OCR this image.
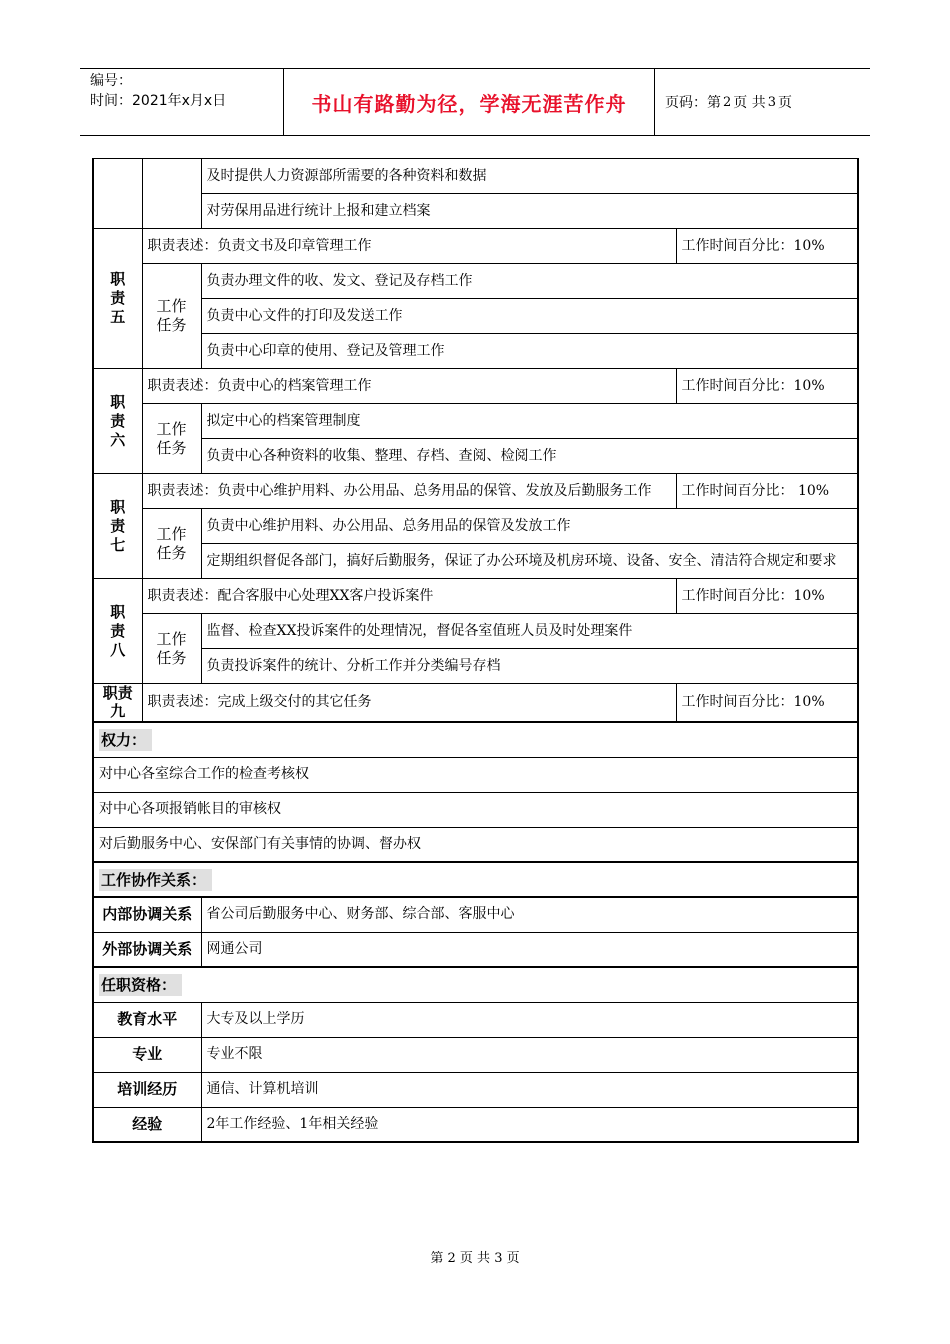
编号：
时间：2021年x月x日	书山有路勤为径，学海无涯苦作舟	页码：第 2 页 共 3 页
		及时提供人力资源部所需要的各种资料和数据	
		对劳保用品进行统计上报和建立档案	
职责五	职责表述：负责文书及印章管理工作		工作时间百分比：10%
	工作任务	负责办理文件的收、发文、登记及存档工作	
		负责中心文件的打印及发送工作	
		负责中心印章的使用、登记及管理工作	
职责六	职责表述：负责中心的档案管理工作		工作时间百分比：10%
	工作任务	拟定中心的档案管理制度	
		负责中心各种资料的收集、整理、存档、查阅、检阅工作	
职责七	职责表述：负责中心维护用料、办公用品、总务用品的保管、发放及后勤服务工作		工作时间百分比： 10%
	工作任务	负责中心维护用料、办公用品、总务用品的保管及发放工作	
		定期组织督促各部门，搞好后勤服务，保证了办公环境及机房环境、设备、安全、清洁符合规定和要求	
职责八	职责表述：配合客服中心处理XX客户投诉案件		工作时间百分比：10%
	工作任务	监督、检查XX投诉案件的处理情况，督促各室值班人员及时处理案件	
		负责投诉案件的统计、分析工作并分类编号存档	
职责九	职责表述：完成上级交付的其它任务		工作时间百分比：10%
权力：			
对中心各室综合工作的检查考核权			
对中心各项报销帐目的审核权			
对后勤服务中心、安保部门有关事情的协调、督办权			
工作协作关系：			
内部协调关系		省公司后勤服务中心、财务部、综合部、客服中心	
外部协调关系		网通公司	
任职资格：			
教育水平		大专及以上学历	
专业		专业不限	
培训经历		通信、计算机培训	
经验		2年工作经验、1年相关经验	
第 2 页 共 3 页
